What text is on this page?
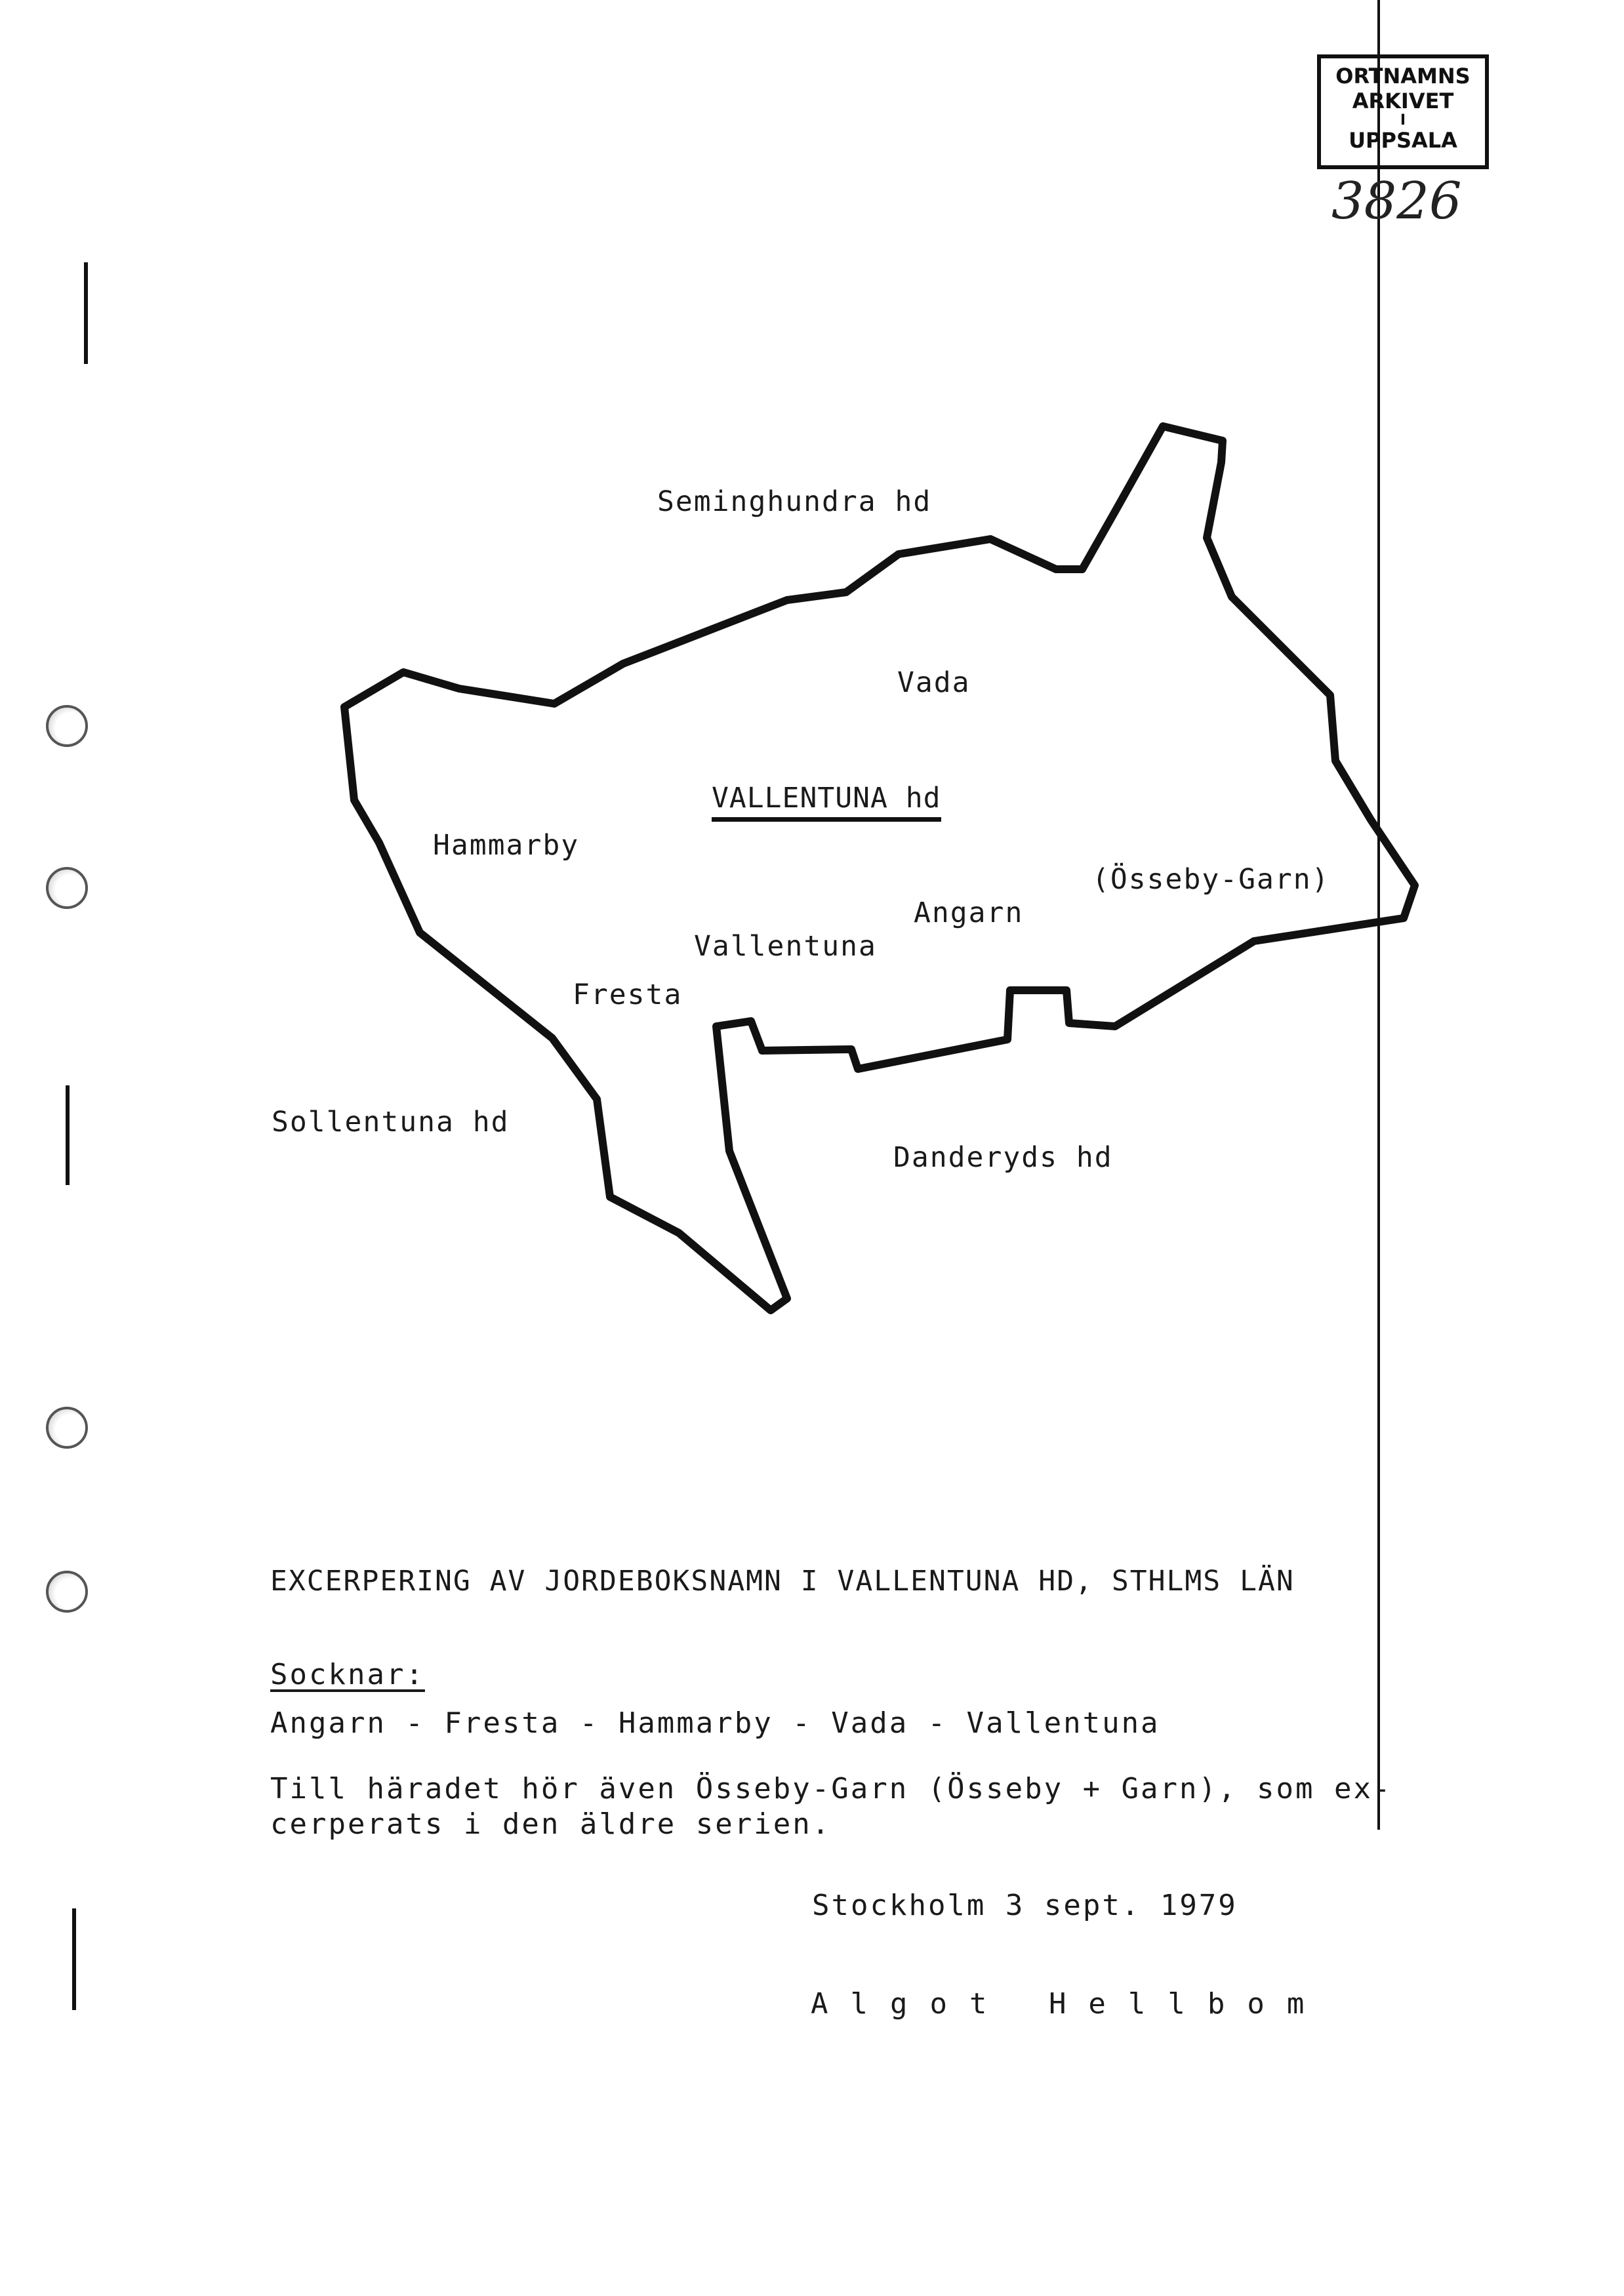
ORTNAMNS
ARKIVET
I
UPPSALA
3826
Seminghundra hd
Vada
VALLENTUNA hd
Hammarby
(Össeby-Garn)
Angarn
Vallentuna
Fresta
Sollentuna hd
Danderyds hd
EXCERPERING AV JORDEBOKSNAMN I VALLENTUNA HD, STHLMS LÄN
Socknar:
Angarn - Fresta - Hammarby - Vada - Vallentuna
Till häradet hör även Össeby-Garn (Össeby + Garn), som ex-
cerperats i den äldre serien.
Stockholm 3 sept. 1979
Algot Hellbom
